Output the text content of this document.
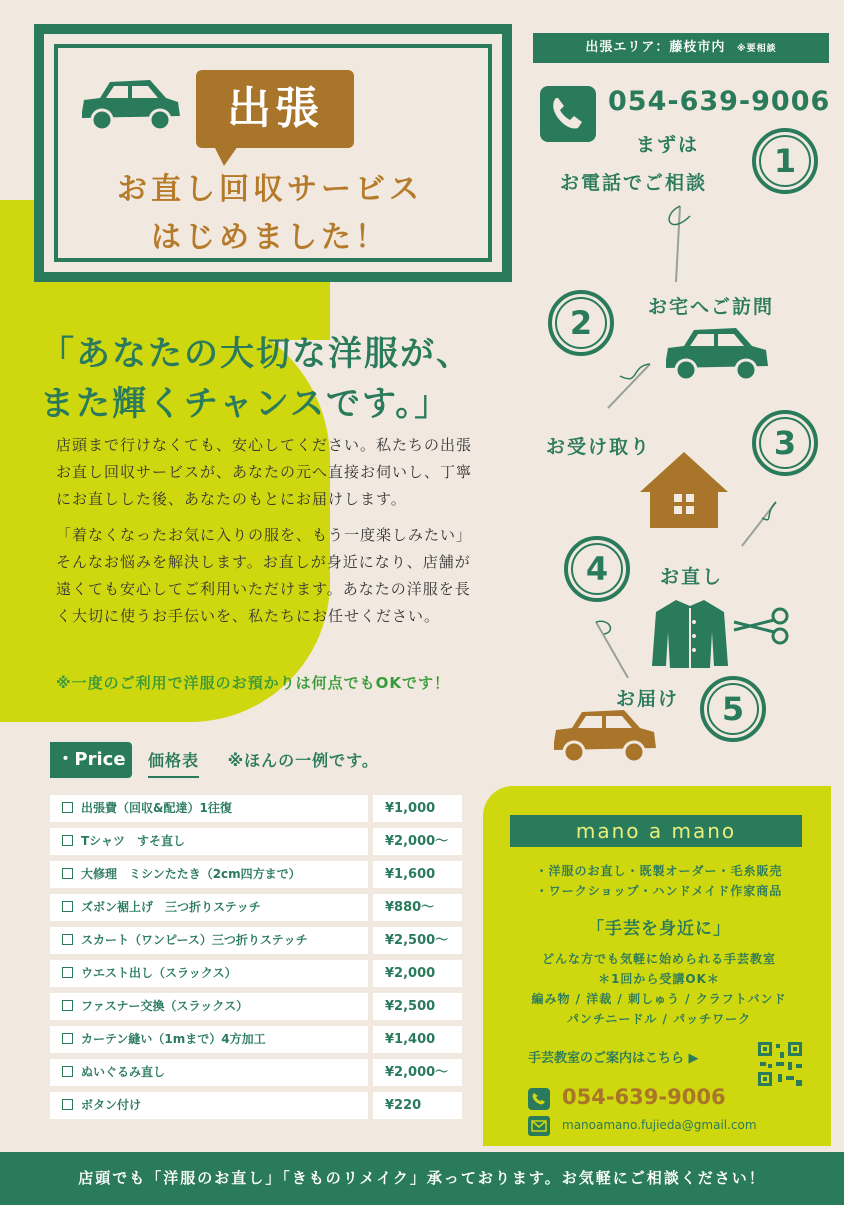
出張
お直し回収サービス
はじめました！
「あなたの大切な洋服が、
また輝くチャンスです。」
店頭まで行けなくても、安心してください。私たちの出張お直し回収サービスが、あなたの元へ直接お伺いし、丁寧にお直しした後、あなたのもとにお届けします。
「着なくなったお気に入りの服を、もう一度楽しみたい」そんなお悩みを解決します。お直しが身近になり、店舗が遠くても安心してご利用いただけます。あなたの洋服を長く大切に使うお手伝いを、私たちにお任せください。
※一度のご利用で洋服のお預かりは何点でもOKです！
出張エリア：藤枝市内 ※要相談
054-639-9006
まずは
お電話でご相談
1
2	お宅へご訪問
お受け取り	3
4	お直し
お届け	5
・Price	価格表 ※ほんの一例です。
出張費（回収&配達）1往復	¥1,000
Tシャツ　すそ直し	¥2,000〜
大修理　ミシンたたき（2cm四方まで）	¥1,600
ズボン裾上げ　三つ折りステッチ	¥880〜
スカート（ワンピース）三つ折りステッチ	¥2,500〜
ウエスト出し（スラックス）	¥2,000
ファスナー交換（スラックス）	¥2,500
カーテン縫い（1mまで）4方加工	¥1,400
ぬいぐるみ直し	¥2,000〜
ボタン付け	¥220
mano a mano
・洋服のお直し・既製オーダー・毛糸販売
・ワークショップ・ハンドメイド作家商品
「手芸を身近に」
どんな方でも気軽に始められる手芸教室
＊1回から受講OK＊
編み物 / 洋裁 / 刺しゅう / クラフトバンド
パンチニードル / パッチワーク
手芸教室のご案内はこちら ▶
054-639-9006
manoamano.fujieda@gmail.com
店頭でも「洋服のお直し」「きものリメイク」承っております。お気軽にご相談ください！
